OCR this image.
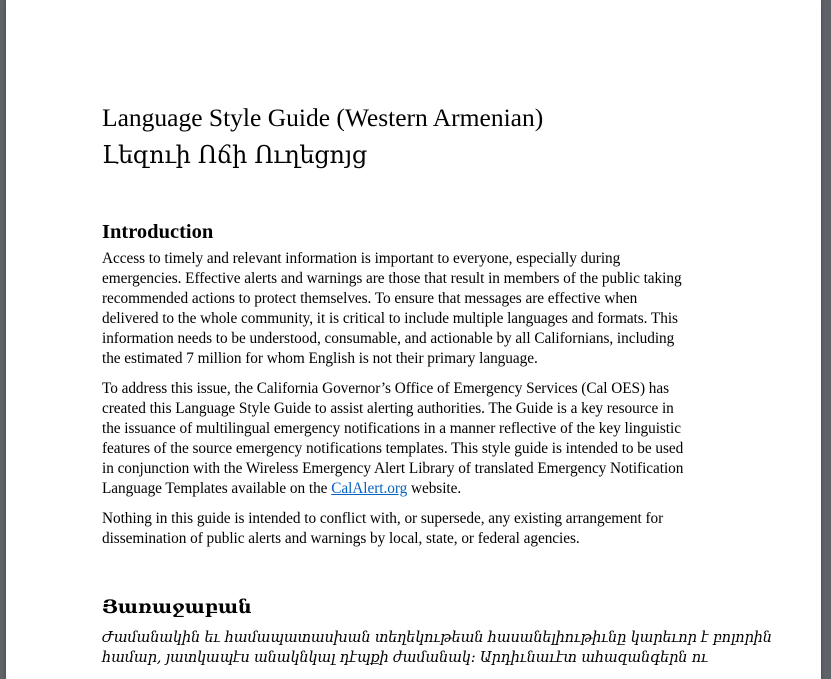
Language Style Guide (Western Armenian)
Լեզուի Ոճի Ուղեցոյց
Introduction

Access to timely and relevant information is important to everyone, especially during
emergencies. Effective alerts and warnings are those that result in members of the public taking
recommended actions to protect themselves. To ensure that messages are effective when
delivered to the whole community, it is critical to include multiple languages and formats. This
information needs to be understood, consumable, and actionable by all Californians, including
the estimated 7 million for whom English is not their primary language.

To address this issue, the California Governor’s Office of Emergency Services (Cal OES) has
created this Language Style Guide to assist alerting authorities. The Guide is a key resource in
the issuance of multilingual emergency notifications in a manner reflective of the key linguistic
features of the source emergency notifications templates. This style guide is intended to be used
in conjunction with the Wireless Emergency Alert Library of translated Emergency Notification
Language Templates available on the CalAlert.org website.

Nothing in this guide is intended to conflict with, or supersede, any existing arrangement for
dissemination of public alerts and warnings by local, state, or federal agencies.

Յառաջաբան

Ժամանակին եւ համապատասխան տեղեկութեան հասանելիութիւնը կարեւոր է բոլորին
համար, յատկապէս անակնկալ դէպքի ժամանակ: Արդիւնաւէտ ահազանգերն ու
